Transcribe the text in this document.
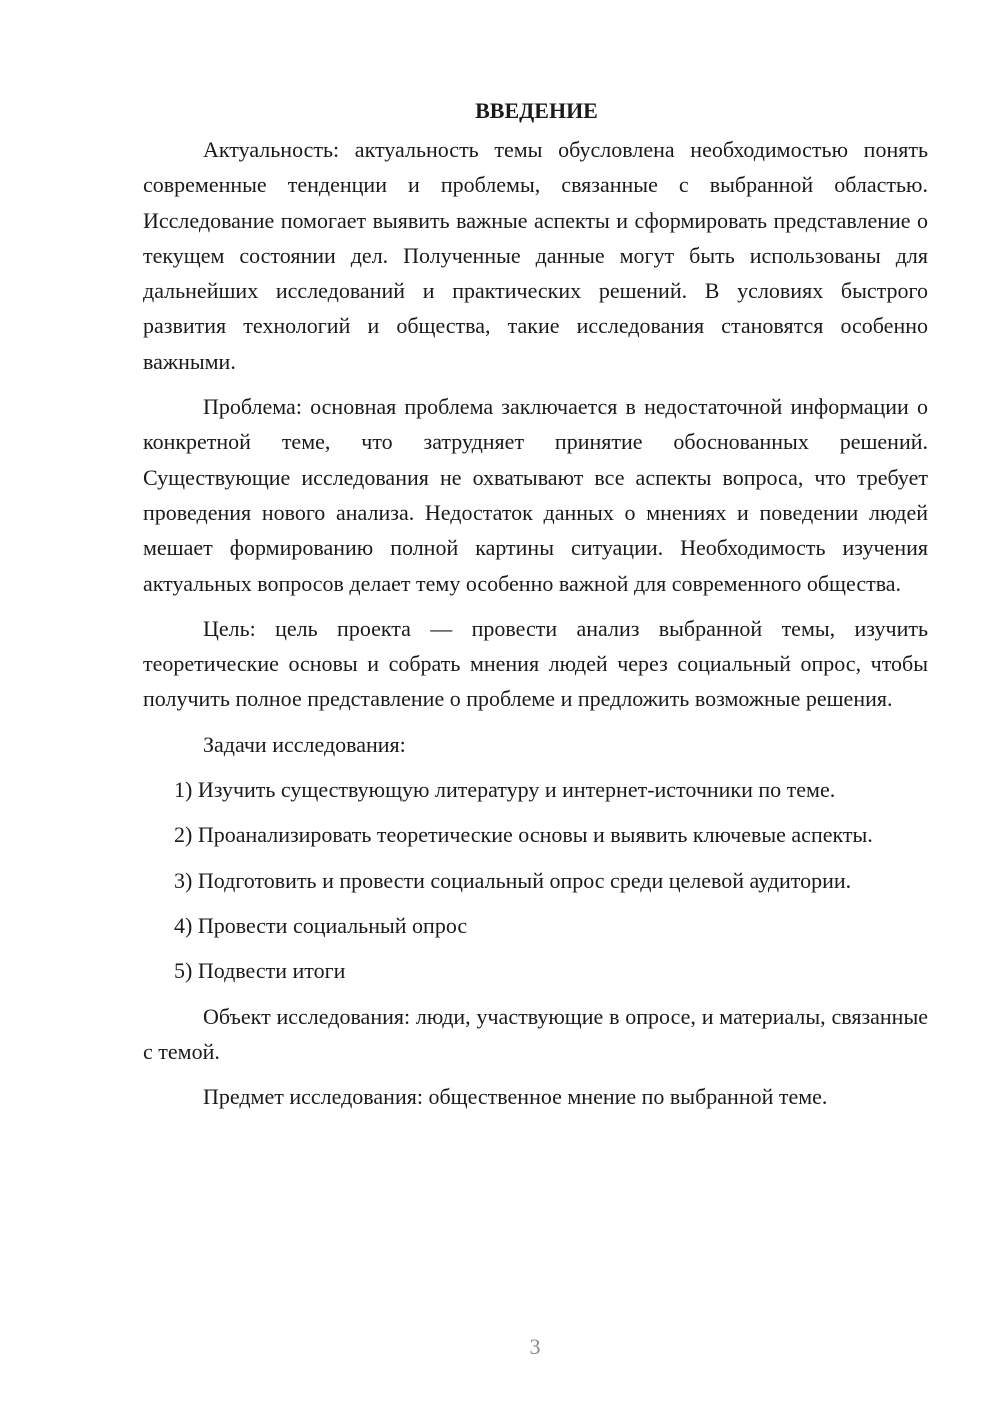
ВВЕДЕНИЕ

Актуальность: актуальность темы обусловлена необходимостью понять современные тенденции и проблемы, связанные с выбранной областью. Исследование помогает выявить важные аспекты и сформировать представление о текущем состоянии дел. Полученные данные могут быть использованы для дальнейших исследований и практических решений. В условиях быстрого развития технологий и общества, такие исследования становятся особенно важными.

Проблема: основная проблема заключается в недостаточной информации о конкретной теме, что затрудняет принятие обоснованных решений. Существующие исследования не охватывают все аспекты вопроса, что требует проведения нового анализа. Недостаток данных о мнениях и поведении людей мешает формированию полной картины ситуации. Необходимость изучения актуальных вопросов делает тему особенно важной для современного общества.

Цель: цель проекта — провести анализ выбранной темы, изучить теоретические основы и собрать мнения людей через социальный опрос, чтобы получить полное представление о проблеме и предложить возможные решения.

Задачи исследования:

1) Изучить существующую литературу и интернет-источники по теме.

2) Проанализировать теоретические основы и выявить ключевые аспекты.

3) Подготовить и провести социальный опрос среди целевой аудитории.

4) Провести социальный опрос

5) Подвести итоги

Объект исследования: люди, участвующие в опросе, и материалы, связанные с темой.

Предмет исследования: общественное мнение по выбранной теме.

3
